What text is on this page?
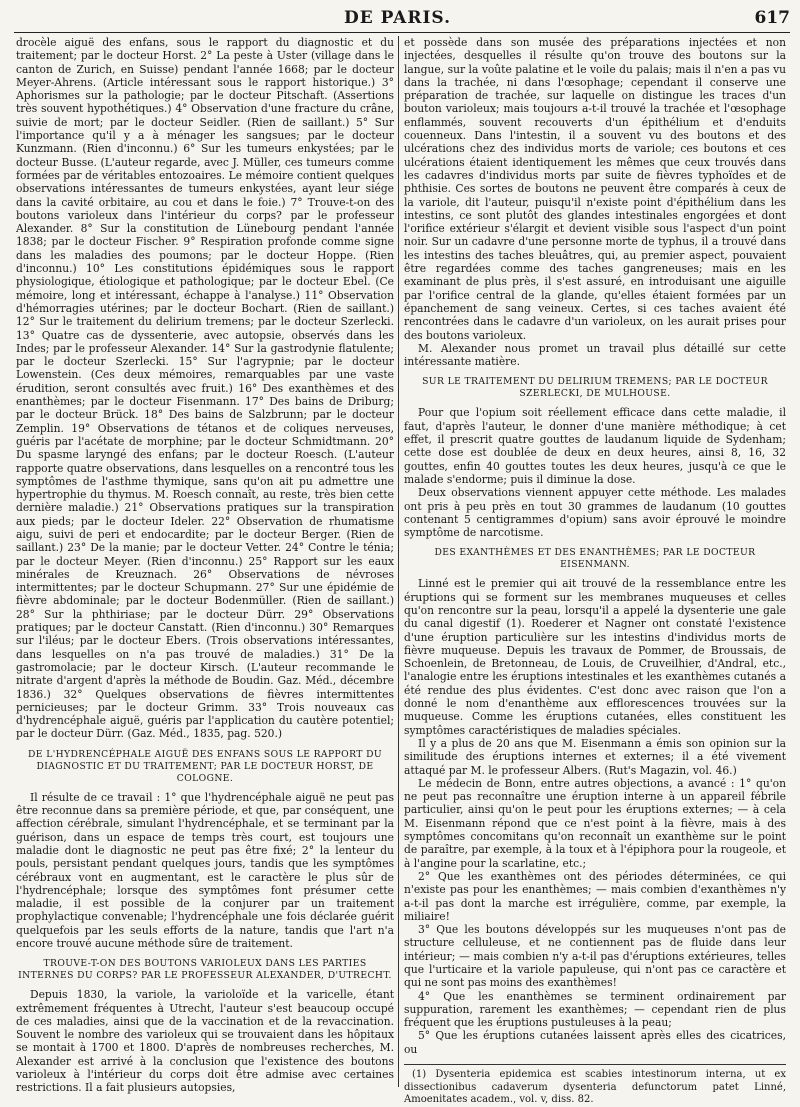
DE PARIS.	617

drocèle aiguë des enfans, sous le rapport du diagnostic et du traitement; par le docteur Horst. 2° La peste à Uster (village dans le canton de Zurich, en Suisse) pendant l'année 1668; par le docteur Meyer-Ahrens. (Article intéressant sous le rapport historique.) 3° Aphorismes sur la pathologie; par le docteur Pitschaft. (Assertions très souvent hypothétiques.) 4° Observation d'une fracture du crâne, suivie de mort; par le docteur Seidler. (Rien de saillant.) 5° Sur l'importance qu'il y a à ménager les sangsues; par le docteur Kunzmann. (Rien d'inconnu.) 6° Sur les tumeurs enkystées; par le docteur Busse. (L'auteur regarde, avec J. Müller, ces tumeurs comme formées par de véritables entozoaires. Le mémoire contient quelques observations intéressantes de tumeurs enkystées, ayant leur siége dans la cavité orbitaire, au cou et dans le foie.) 7° Trouve-t-on des boutons varioleux dans l'intérieur du corps? par le professeur Alexander. 8° Sur la constitution de Lünebourg pendant l'année 1838; par le docteur Fischer. 9° Respiration profonde comme signe dans les maladies des poumons; par le docteur Hoppe. (Rien d'inconnu.) 10° Les constitutions épidémiques sous le rapport physiologique, étiologique et pathologique; par le docteur Ebel. (Ce mémoire, long et intéressant, échappe à l'analyse.) 11° Observation d'hémorragies utérines; par le docteur Bochart. (Rien de saillant.) 12° Sur le traitement du delirium tremens; par le docteur Szerlecki. 13° Quatre cas de dyssenterie, avec autopsie, observés dans les Indes; par le professeur Alexander. 14° Sur la gastrodynie flatulente; par le docteur Szerlecki. 15° Sur l'agrypnie; par le docteur Lowenstein. (Ces deux mémoires, remarquables par une vaste érudition, seront consultés avec fruit.) 16° Des exanthèmes et des enanthèmes; par le docteur Fisenmann. 17° Des bains de Driburg; par le docteur Brück. 18° Des bains de Salzbrunn; par le docteur Zemplin. 19° Observations de tétanos et de coliques nerveuses, guéris par l'acétate de morphine; par le docteur Schmidtmann. 20° Du spasme laryngé des enfans; par le docteur Roesch. (L'auteur rapporte quatre observations, dans lesquelles on a rencontré tous les symptômes de l'asthme thymique, sans qu'on ait pu admettre une hypertrophie du thymus. M. Roesch connaît, au reste, très bien cette dernière maladie.) 21° Observations pratiques sur la transpiration aux pieds; par le docteur Ideler. 22° Observation de rhumatisme aigu, suivi de peri et endocardite; par le docteur Berger. (Rien de saillant.) 23° De la manie; par le docteur Vetter. 24° Contre le ténia; par le docteur Meyer. (Rien d'inconnu.) 25° Rapport sur les eaux minérales de Kreuznach. 26° Observations de névroses intermittentes; par le docteur Schupmann. 27° Sur une épidémie de fièvre abdominale; par le docteur Bodenmüller. (Rien de saillant.) 28° Sur la phthiriase; par le docteur Dürr. 29° Observations pratiques; par le docteur Canstatt. (Rien d'inconnu.) 30° Remarques sur l'iléus; par le docteur Ebers. (Trois observations intéressantes, dans lesquelles on n'a pas trouvé de maladies.) 31° De la gastromolacie; par le docteur Kirsch. (L'auteur recommande le nitrate d'argent d'après la méthode de Boudin. Gaz. Méd., décembre 1836.) 32° Quelques observations de fièvres intermittentes pernicieuses; par le docteur Grimm. 33° Trois nouveaux cas d'hydrencéphale aiguë, guéris par l'application du cautère potentiel; par le docteur Dürr. (Gaz. Méd., 1835, pag. 520.)

DE L'HYDRENCÉPHALE AIGUË DES ENFANS SOUS LE RAPPORT DU DIAGNOSTIC ET DU TRAITEMENT; PAR LE DOCTEUR HORST, DE COLOGNE.

Il résulte de ce travail : 1° que l'hydrencéphale aiguë ne peut pas être reconnue dans sa première période, et que, par conséquent, une affection cérébrale, simulant l'hydrencéphale, et se terminant par la guérison, dans un espace de temps très court, est toujours une maladie dont le diagnostic ne peut pas être fixé; 2° la lenteur du pouls, persistant pendant quelques jours, tandis que les symptômes cérébraux vont en augmentant, est le caractère le plus sûr de l'hydrencéphale; lorsque des symptômes font présumer cette maladie, il est possible de la conjurer par un traitement prophylactique convenable; l'hydrencéphale une fois déclarée guérit quelquefois par les seuls efforts de la nature, tandis que l'art n'a encore trouvé aucune méthode sûre de traitement.

TROUVE-T-ON DES BOUTONS VARIOLEUX DANS LES PARTIES INTERNES DU CORPS? PAR LE PROFESSEUR ALEXANDER, D'UTRECHT.

Depuis 1830, la variole, la varioloïde et la varicelle, étant extrêmement fréquentes à Utrecht, l'auteur s'est beaucoup occupé de ces maladies, ainsi que de la vaccination et de la revaccination. Souvent le nombre des varioleux qui se trouvaient dans les hôpitaux se montait à 1700 et 1800. D'après de nombreuses recherches, M. Alexander est arrivé à la conclusion que l'existence des boutons varioleux à l'intérieur du corps doit être admise avec certaines restrictions. Il a fait plusieurs autopsies,

et possède dans son musée des préparations injectées et non injectées, desquelles il résulte qu'on trouve des boutons sur la langue, sur la voûte palatine et le voile du palais; mais il n'en a pas vu dans la trachée, ni dans l'œsophage; cependant il conserve une préparation de trachée, sur laquelle on distingue les traces d'un bouton varioleux; mais toujours a-t-il trouvé la trachée et l'œsophage enflammés, souvent recouverts d'un épithélium et d'enduits couenneux. Dans l'intestin, il a souvent vu des boutons et des ulcérations chez des individus morts de variole; ces boutons et ces ulcérations étaient identiquement les mêmes que ceux trouvés dans les cadavres d'individus morts par suite de fièvres typhoïdes et de phthisie. Ces sortes de boutons ne peuvent être comparés à ceux de la variole, dit l'auteur, puisqu'il n'existe point d'épithélium dans les intestins, ce sont plutôt des glandes intestinales engorgées et dont l'orifice extérieur s'élargit et devient visible sous l'aspect d'un point noir. Sur un cadavre d'une personne morte de typhus, il a trouvé dans les intestins des taches bleuâtres, qui, au premier aspect, pouvaient être regardées comme des taches gangreneuses; mais en les examinant de plus près, il s'est assuré, en introduisant une aiguille par l'orifice central de la glande, qu'elles étaient formées par un épanchement de sang veineux. Certes, si ces taches avaient été rencontrées dans le cadavre d'un varioleux, on les aurait prises pour des boutons varioleux.

M. Alexander nous promet un travail plus détaillé sur cette intéressante matière.

SUR LE TRAITEMENT DU DELIRIUM TREMENS; PAR LE DOCTEUR SZERLECKI, DE MULHOUSE.

Pour que l'opium soit réellement efficace dans cette maladie, il faut, d'après l'auteur, le donner d'une manière méthodique; à cet effet, il prescrit quatre gouttes de laudanum liquide de Sydenham; cette dose est doublée de deux en deux heures, ainsi 8, 16, 32 gouttes, enfin 40 gouttes toutes les deux heures, jusqu'à ce que le malade s'endorme; puis il diminue la dose.

Deux observations viennent appuyer cette méthode. Les malades ont pris à peu près en tout 30 grammes de laudanum (10 gouttes contenant 5 centigrammes d'opium) sans avoir éprouvé le moindre symptôme de narcotisme.

DES EXANTHÈMES ET DES ENANTHÈMES; PAR LE DOCTEUR EISENMANN.

Linné est le premier qui ait trouvé de la ressemblance entre les éruptions qui se forment sur les membranes muqueuses et celles qu'on rencontre sur la peau, lorsqu'il a appelé la dysenterie une gale du canal digestif (1). Roederer et Nagner ont constaté l'existence d'une éruption particulière sur les intestins d'individus morts de fièvre muqueuse. Depuis les travaux de Pommer, de Broussais, de Schoenlein, de Bretonneau, de Louis, de Cruveilhier, d'Andral, etc., l'analogie entre les éruptions intestinales et les exanthèmes cutanés a été rendue des plus évidentes. C'est donc avec raison que l'on a donné le nom d'enanthème aux efflorescences trouvées sur la muqueuse. Comme les éruptions cutanées, elles constituent les symptômes caractéristiques de maladies spéciales.

Il y a plus de 20 ans que M. Eisenmann a émis son opinion sur la similitude des éruptions internes et externes; il a été vivement attaqué par M. le professeur Albers. (Rut's Magazin, vol. 46.)

Le médecin de Bonn, entre autres objections, a avancé : 1° qu'on ne peut pas reconnaître une éruption interne à un appareil fébrile particulier, ainsi qu'on le peut pour les éruptions externes; — à cela M. Eisenmann répond que ce n'est point à la fièvre, mais à des symptômes concomitans qu'on reconnaît un exanthème sur le point de paraître, par exemple, à la toux et à l'épiphora pour la rougeole, et à l'angine pour la scarlatine, etc.;

2° Que les exanthèmes ont des périodes déterminées, ce qui n'existe pas pour les enanthèmes; — mais combien d'exanthèmes n'y a-t-il pas dont la marche est irrégulière, comme, par exemple, la miliaire!

3° Que les boutons développés sur les muqueuses n'ont pas de structure celluleuse, et ne contiennent pas de fluide dans leur intérieur; — mais combien n'y a-t-il pas d'éruptions extérieures, telles que l'urticaire et la variole papuleuse, qui n'ont pas ce caractère et qui ne sont pas moins des exanthèmes!

4° Que les enanthèmes se terminent ordinairement par suppuration, rarement les exanthèmes; — cependant rien de plus fréquent que les éruptions pustuleuses à la peau;

5° Que les éruptions cutanées laissent après elles des cicatrices, ou

(1) Dysenteria epidemica est scabies intestinorum interna, ut ex dissectionibus cadaverum dysenteria defunctorum patet Linné, Amoenitates academ., vol. v, diss. 82.
